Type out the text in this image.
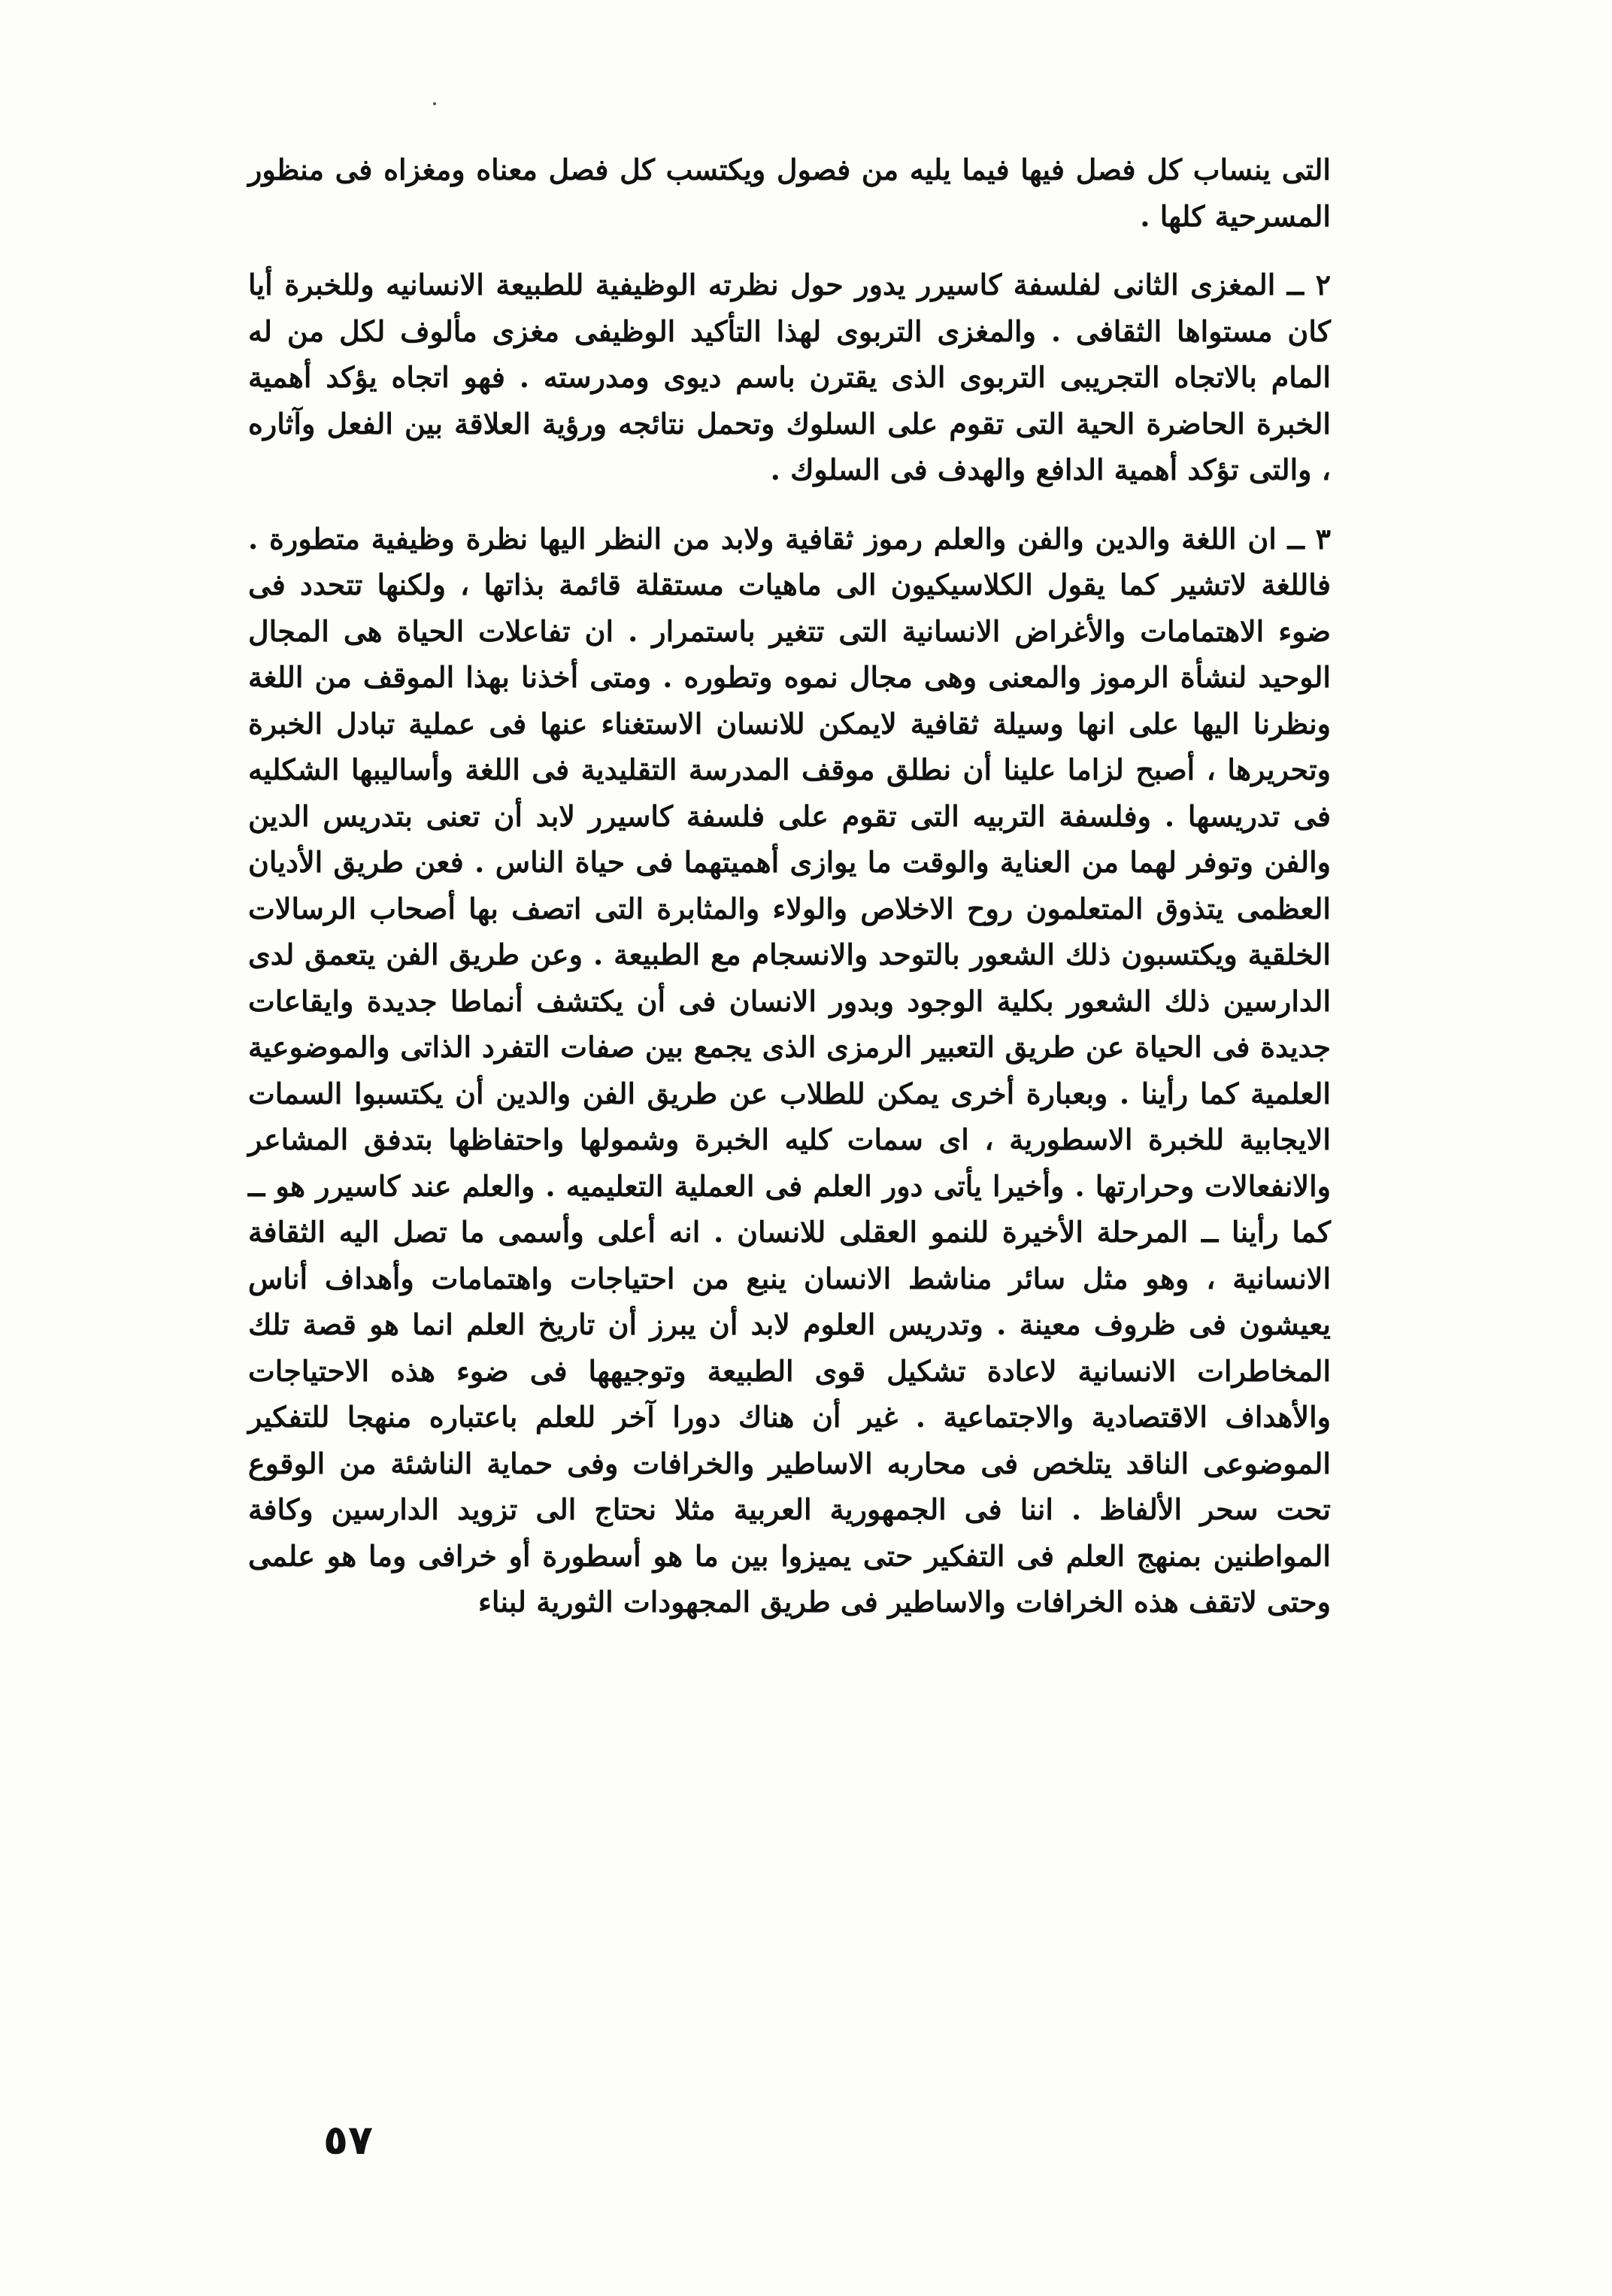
التى ينساب كل فصل فيها فيما يليه من فصول ويكتسب كل فصل معناه ومغزاه فى منظور المسرحية كلها .

٢ ــ المغزى الثانى لفلسفة كاسيرر يدور حول نظرته الوظيفية للطبيعة الانسانيه وللخبرة أيا كان مستواها الثقافى . والمغزى التربوى لهذا التأكيد الوظيفى مغزى مألوف لكل من له المام بالاتجاه التجريبى التربوى الذى يقترن باسم ديوى ومدرسته . فهو اتجاه يؤكد أهمية الخبرة الحاضرة الحية التى تقوم على السلوك وتحمل نتائجه ورؤية العلاقة بين الفعل وآثاره ، والتى تؤكد أهمية الدافع والهدف فى السلوك .

٣ ــ ان اللغة والدين والفن والعلم رموز ثقافية ولابد من النظر اليها نظرة وظيفية متطورة . فاللغة لاتشير كما يقول الكلاسيكيون الى ماهيات مستقلة قائمة بذاتها ، ولكنها تتحدد فى ضوء الاهتمامات والأغراض الانسانية التى تتغير باستمرار . ان تفاعلات الحياة هى المجال الوحيد لنشأة الرموز والمعنى وهى مجال نموه وتطوره . ومتى أخذنا بهذا الموقف من اللغة ونظرنا اليها على انها وسيلة ثقافية لايمكن للانسان الاستغناء عنها فى عملية تبادل الخبرة وتحريرها ، أصبح لزاما علينا أن نطلق موقف المدرسة التقليدية فى اللغة وأساليبها الشكليه فى تدريسها . وفلسفة التربيه التى تقوم على فلسفة كاسيرر لابد أن تعنى بتدريس الدين والفن وتوفر لهما من العناية والوقت ما يوازى أهميتهما فى حياة الناس . فعن طريق الأديان العظمى يتذوق المتعلمون روح الاخلاص والولاء والمثابرة التى اتصف بها أصحاب الرسالات الخلقية ويكتسبون ذلك الشعور بالتوحد والانسجام مع الطبيعة . وعن طريق الفن يتعمق لدى الدارسين ذلك الشعور بكلية الوجود وبدور الانسان فى أن يكتشف أنماطا جديدة وايقاعات جديدة فى الحياة عن طريق التعبير الرمزى الذى يجمع بين صفات التفرد الذاتى والموضوعية العلمية كما رأينا . وبعبارة أخرى يمكن للطلاب عن طريق الفن والدين أن يكتسبوا السمات الايجابية للخبرة الاسطورية ، اى سمات كليه الخبرة وشمولها واحتفاظها بتدفق المشاعر والانفعالات وحرارتها . وأخيرا يأتى دور العلم فى العملية التعليميه . والعلم عند كاسيرر هو ــ كما رأينا ــ المرحلة الأخيرة للنمو العقلى للانسان . انه أعلى وأسمى ما تصل اليه الثقافة الانسانية ، وهو مثل سائر مناشط الانسان ينبع من احتياجات واهتمامات وأهداف أناس يعيشون فى ظروف معينة . وتدريس العلوم لابد أن يبرز أن تاريخ العلم انما هو قصة تلك المخاطرات الانسانية لاعادة تشكيل قوى الطبيعة وتوجيهها فى ضوء هذه الاحتياجات والأهداف الاقتصادية والاجتماعية . غير أن هناك دورا آخر للعلم باعتباره منهجا للتفكير الموضوعى الناقد يتلخص فى محاربه الاساطير والخرافات وفى حماية الناشئة من الوقوع تحت سحر الألفاظ . اننا فى الجمهورية العربية مثلا نحتاج الى تزويد الدارسين وكافة المواطنين بمنهج العلم فى التفكير حتى يميزوا بين ما هو أسطورة أو خرافى وما هو علمى وحتى لاتقف هذه الخرافات والاساطير فى طريق المجهودات الثورية لبناء

٥٧
